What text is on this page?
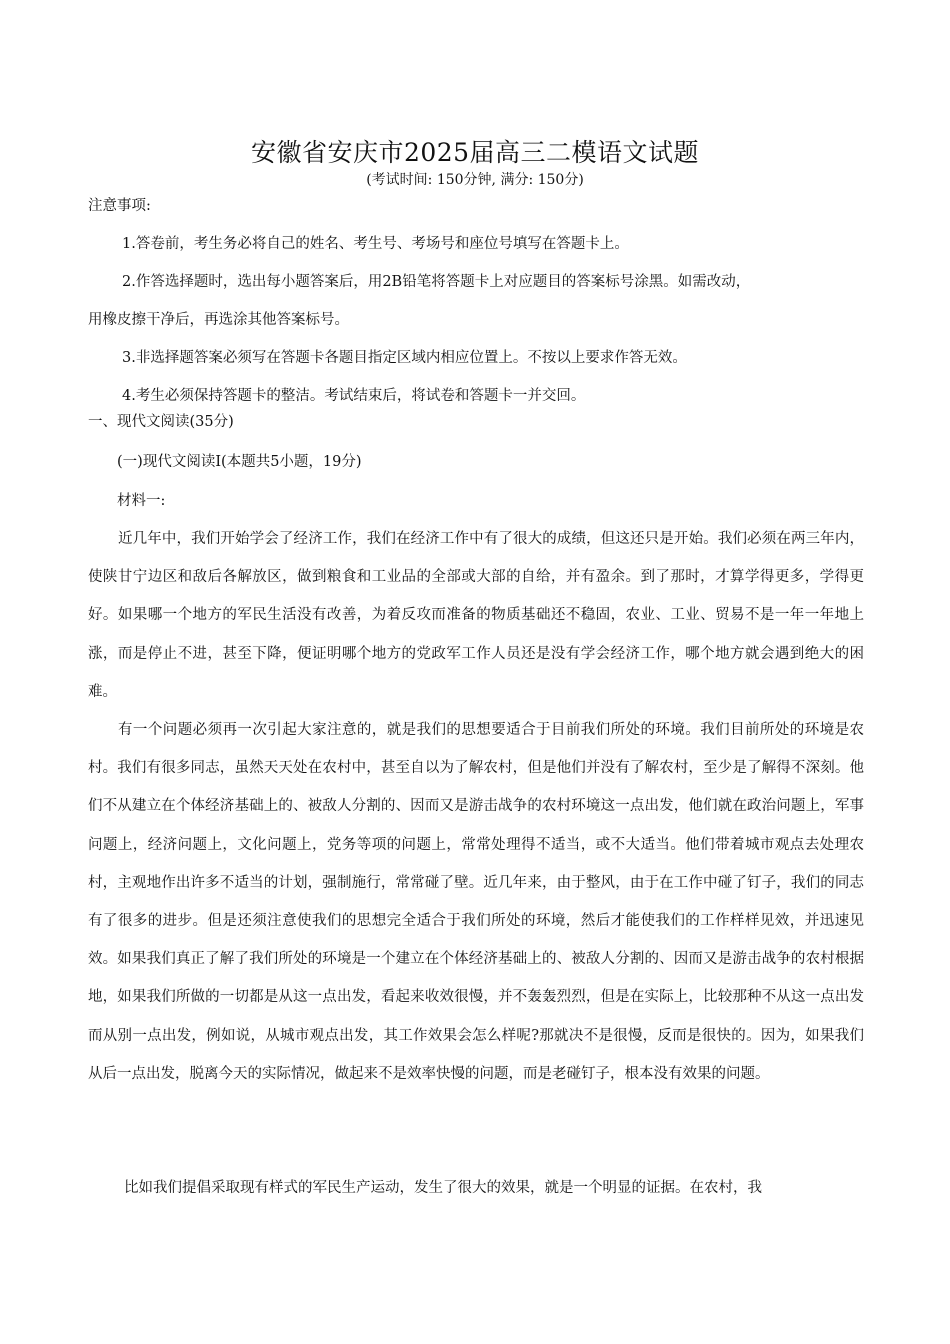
安徽省安庆市2025届高三二模语文试题
(考试时间: 150分钟, 满分: 150分)
注意事项:
1.答卷前，考生务必将自己的姓名、考生号、考场号和座位号填写在答题卡上。
2.作答选择题时，选出每小题答案后，用2B铅笔将答题卡上对应题目的答案标号涂黑。如需改动，
用橡皮擦干净后，再选涂其他答案标号。
3.非选择题答案必须写在答题卡各题目指定区域内相应位置上。不按以上要求作答无效。
4.考生必须保持答题卡的整洁。考试结束后，将试卷和答题卡一并交回。
一、现代文阅读(35分)
(一)现代文阅读Ⅰ(本题共5小题，19分)
材料一:
近几年中，我们开始学会了经济工作，我们在经济工作中有了很大的成绩，但这还只是开始。我们必须在两三年内，使陕甘宁边区和敌后各解放区，做到粮食和工业品的全部或大部的自给，并有盈余。到了那时，才算学得更多，学得更好。如果哪一个地方的军民生活没有改善，为着反攻而准备的物质基础还不稳固，农业、工业、贸易不是一年一年地上涨，而是停止不进，甚至下降，便证明哪个地方的党政军工作人员还是没有学会经济工作，哪个地方就会遇到绝大的困难。
有一个问题必须再一次引起大家注意的，就是我们的思想要适合于目前我们所处的环境。我们目前所处的环境是农村。我们有很多同志，虽然天天处在农村中，甚至自以为了解农村，但是他们并没有了解农村，至少是了解得不深刻。他们不从建立在个体经济基础上的、被敌人分割的、因而又是游击战争的农村环境这一点出发，他们就在政治问题上，军事问题上，经济问题上，文化问题上，党务等项的问题上，常常处理得不适当，或不大适当。他们带着城市观点去处理农村，主观地作出许多不适当的计划，强制施行，常常碰了壁。近几年来，由于整风，由于在工作中碰了钉子，我们的同志有了很多的进步。但是还须注意使我们的思想完全适合于我们所处的环境，然后才能使我们的工作样样见效，并迅速见效。如果我们真正了解了我们所处的环境是一个建立在个体经济基础上的、被敌人分割的、因而又是游击战争的农村根据地，如果我们所做的一切都是从这一点出发，看起来收效很慢，并不轰轰烈烈，但是在实际上，比较那种不从这一点出发而从别一点出发，例如说，从城市观点出发，其工作效果会怎么样呢?那就决不是很慢，反而是很快的。因为，如果我们从后一点出发，脱离今天的实际情况，做起来不是效率快慢的问题，而是老碰钉子，根本没有效果的问题。
比如我们提倡采取现有样式的军民生产运动，发生了很大的效果，就是一个明显的证据。在农村，我
